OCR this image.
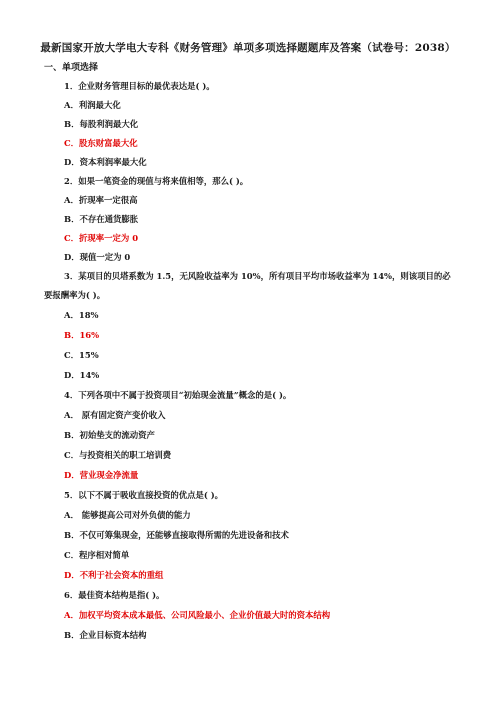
最新国家开放大学电大专科《财务管理》单项多项选择题题库及答案（试卷号：2038）
一、单项选择
1．企业财务管理目标的最优表达是( )。
A．利润最大化
B．每股利润最大化
C．股东财富最大化
D．资本利润率最大化
2．如果一笔资金的现值与将来值相等，那么( )。
A．折现率一定很高
B．不存在通货膨胀
C．折现率一定为 0
D．现值一定为 0
3．某项目的贝塔系数为 1.5，无风险收益率为 10%，所有项目平均市场收益率为 14%，则该项目的必
要报酬率为( )。
A．18%
B．16%
C．15%
D．14%
4．下列各项中不属于投资项目“初始现金流量”概念的是( )。
A． 原有固定资产变价收入
B．初始垫支的流动资产
C．与投资相关的职工培训费
D．营业现金净流量
5．以下不属于吸收直接投资的优点是( )。
A． 能够提高公司对外负债的能力
B．不仅可筹集现金，还能够直接取得所需的先进设备和技术
C．程序相对简单
D．不利于社会资本的重组
6．最佳资本结构是指( )。
A．加权平均资本成本最低、公司风险最小、企业价值最大时的资本结构
B．企业目标资本结构
